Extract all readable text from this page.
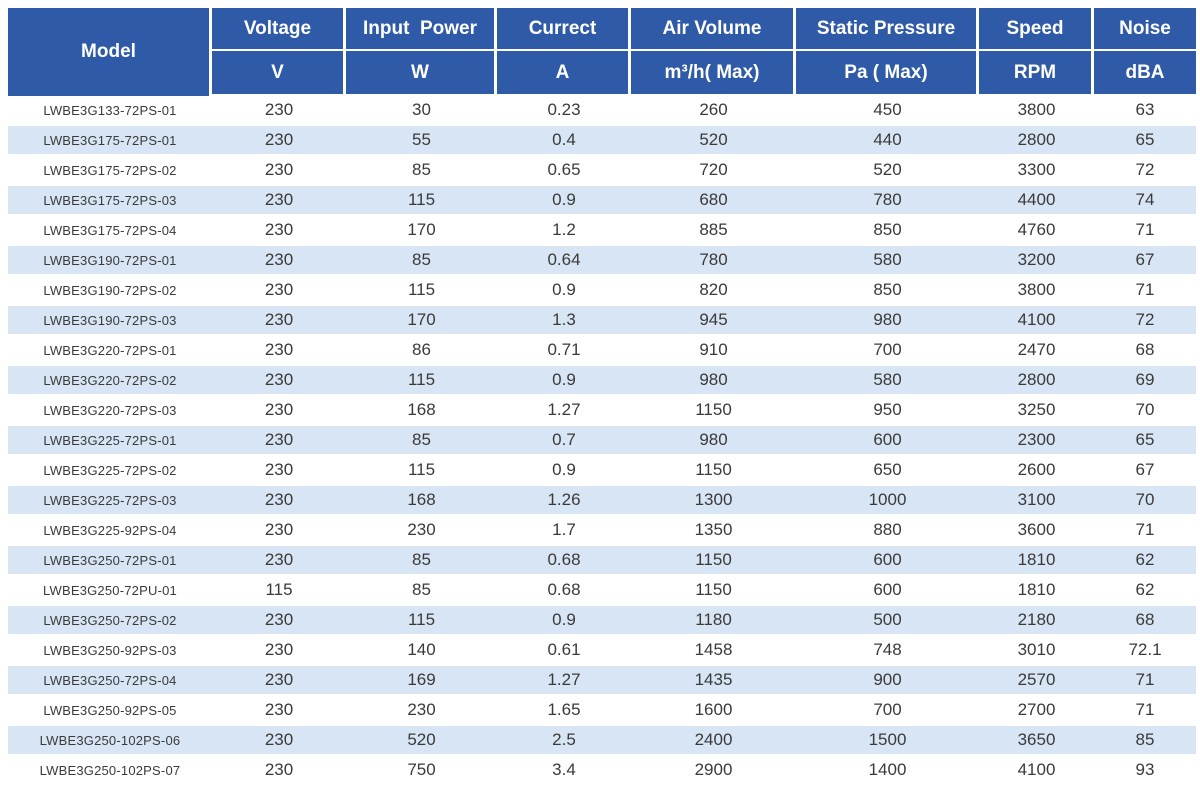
Model	Voltage	Input  Power	Currect	Air Volume	Static Pressure	Speed	Noise
	V	W	A	m³/h( Max)	Pa ( Max)	RPM	dBA
LWBE3G133-72PS-01	230	30	0.23	260	450	3800	63
LWBE3G175-72PS-01	230	55	0.4	520	440	2800	65
LWBE3G175-72PS-02	230	85	0.65	720	520	3300	72
LWBE3G175-72PS-03	230	115	0.9	680	780	4400	74
LWBE3G175-72PS-04	230	170	1.2	885	850	4760	71
LWBE3G190-72PS-01	230	85	0.64	780	580	3200	67
LWBE3G190-72PS-02	230	115	0.9	820	850	3800	71
LWBE3G190-72PS-03	230	170	1.3	945	980	4100	72
LWBE3G220-72PS-01	230	86	0.71	910	700	2470	68
LWBE3G220-72PS-02	230	115	0.9	980	580	2800	69
LWBE3G220-72PS-03	230	168	1.27	1150	950	3250	70
LWBE3G225-72PS-01	230	85	0.7	980	600	2300	65
LWBE3G225-72PS-02	230	115	0.9	1150	650	2600	67
LWBE3G225-72PS-03	230	168	1.26	1300	1000	3100	70
LWBE3G225-92PS-04	230	230	1.7	1350	880	3600	71
LWBE3G250-72PS-01	230	85	0.68	1150	600	1810	62
LWBE3G250-72PU-01	115	85	0.68	1150	600	1810	62
LWBE3G250-72PS-02	230	115	0.9	1180	500	2180	68
LWBE3G250-92PS-03	230	140	0.61	1458	748	3010	72.1
LWBE3G250-72PS-04	230	169	1.27	1435	900	2570	71
LWBE3G250-92PS-05	230	230	1.65	1600	700	2700	71
LWBE3G250-102PS-06	230	520	2.5	2400	1500	3650	85
LWBE3G250-102PS-07	230	750	3.4	2900	1400	4100	93
